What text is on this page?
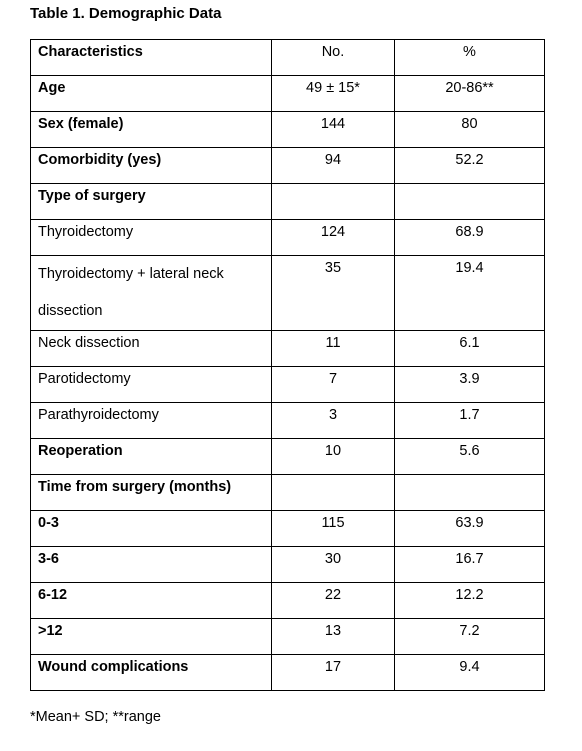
Table 1. Demographic Data
Characteristics	No.	%
Age	49 ± 15*	20-86**
Sex (female)	144	80
Comorbidity (yes)	94	52.2
Type of surgery		
Thyroidectomy	124	68.9
Thyroidectomy + lateral neck dissection	35	19.4
Neck dissection	11	6.1
Parotidectomy	7	3.9
Parathyroidectomy	3	1.7
Reoperation	10	5.6
Time from surgery (months)		
0-3	115	63.9
3-6	30	16.7
6-12	22	12.2
>12	13	7.2
Wound complications	17	9.4
*Mean+ SD; **range
